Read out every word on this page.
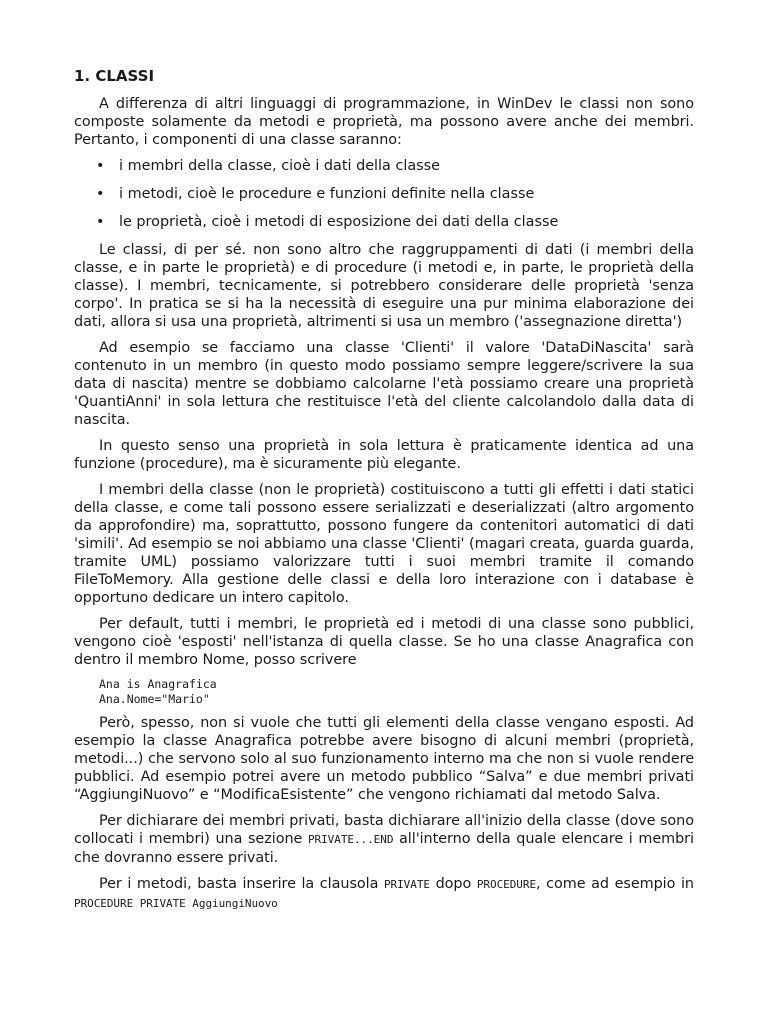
1. CLASSI

A differenza di altri linguaggi di programmazione, in WinDev le classi non sono composte solamente da metodi e proprietà, ma possono avere anche dei membri. Pertanto, i componenti di una classe saranno:

• i membri della classe, cioè i dati della classe
• i metodi, cioè le procedure e funzioni definite nella classe
• le proprietà, cioè i metodi di esposizione dei dati della classe

Le classi, di per sé. non sono altro che raggruppamenti di dati (i membri della classe, e in parte le proprietà) e di procedure (i metodi e, in parte, le proprietà della classe). I membri, tecnicamente, si potrebbero considerare delle proprietà 'senza corpo'. In pratica se si ha la necessità di eseguire una pur minima elaborazione dei dati, allora si usa una proprietà, altrimenti si usa un membro ('assegnazione diretta')

Ad esempio se facciamo una classe 'Clienti' il valore 'DataDiNascita' sarà contenuto in un membro (in questo modo possiamo sempre leggere/scrivere la sua data di nascita) mentre se dobbiamo calcolarne l'età possiamo creare una proprietà 'QuantiAnni' in sola lettura che restituisce l'età del cliente calcolandolo dalla data di nascita.

In questo senso una proprietà in sola lettura è praticamente identica ad una funzione (procedure), ma è sicuramente più elegante.

I membri della classe (non le proprietà) costituiscono a tutti gli effetti i dati statici della classe, e come tali possono essere serializzati e deserializzati (altro argomento da approfondire) ma, soprattutto, possono fungere da contenitori automatici di dati 'simili'. Ad esempio se noi abbiamo una classe 'Clienti' (magari creata, guarda guarda, tramite UML) possiamo valorizzare tutti i suoi membri tramite il comando FileToMemory. Alla gestione delle classi e della loro interazione con i database è opportuno dedicare un intero capitolo.

Per default, tutti i membri, le proprietà ed i metodi di una classe sono pubblici, vengono cioè 'esposti' nell'istanza di quella classe. Se ho una classe Anagrafica con dentro il membro Nome, posso scrivere

Ana is Anagrafica
Ana.Nome="Mario"

Però, spesso, non si vuole che tutti gli elementi della classe vengano esposti. Ad esempio la classe Anagrafica potrebbe avere bisogno di alcuni membri (proprietà, metodi...) che servono solo al suo funzionamento interno ma che non si vuole rendere pubblici. Ad esempio potrei avere un metodo pubblico “Salva” e due membri privati “AggiungiNuovo” e “ModificaEsistente” che vengono richiamati dal metodo Salva.

Per dichiarare dei membri privati, basta dichiarare all'inizio della classe (dove sono collocati i membri) una sezione PRIVATE...END all'interno della quale elencare i membri che dovranno essere privati.

Per i metodi, basta inserire la clausola PRIVATE dopo PROCEDURE, come ad esempio in PROCEDURE PRIVATE AggiungiNuovo
